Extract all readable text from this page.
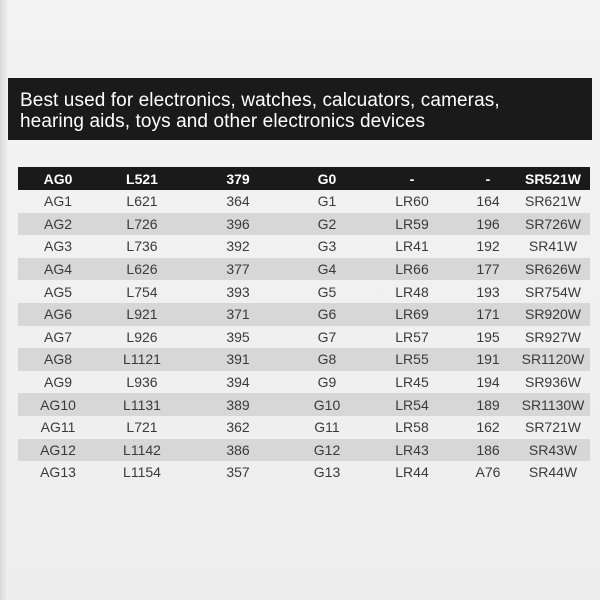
Best used for electronics, watches, calcuators, cameras,
hearing aids, toys and other electronics devices
AG0	L521	379	G0	-	-	SR521W
AG1	L621	364	G1	LR60	164	SR621W
AG2	L726	396	G2	LR59	196	SR726W
AG3	L736	392	G3	LR41	192	SR41W
AG4	L626	377	G4	LR66	177	SR626W
AG5	L754	393	G5	LR48	193	SR754W
AG6	L921	371	G6	LR69	171	SR920W
AG7	L926	395	G7	LR57	195	SR927W
AG8	L1121	391	G8	LR55	191	SR1120W
AG9	L936	394	G9	LR45	194	SR936W
AG10	L1131	389	G10	LR54	189	SR1130W
AG11	L721	362	G11	LR58	162	SR721W
AG12	L1142	386	G12	LR43	186	SR43W
AG13	L1154	357	G13	LR44	A76	SR44W
